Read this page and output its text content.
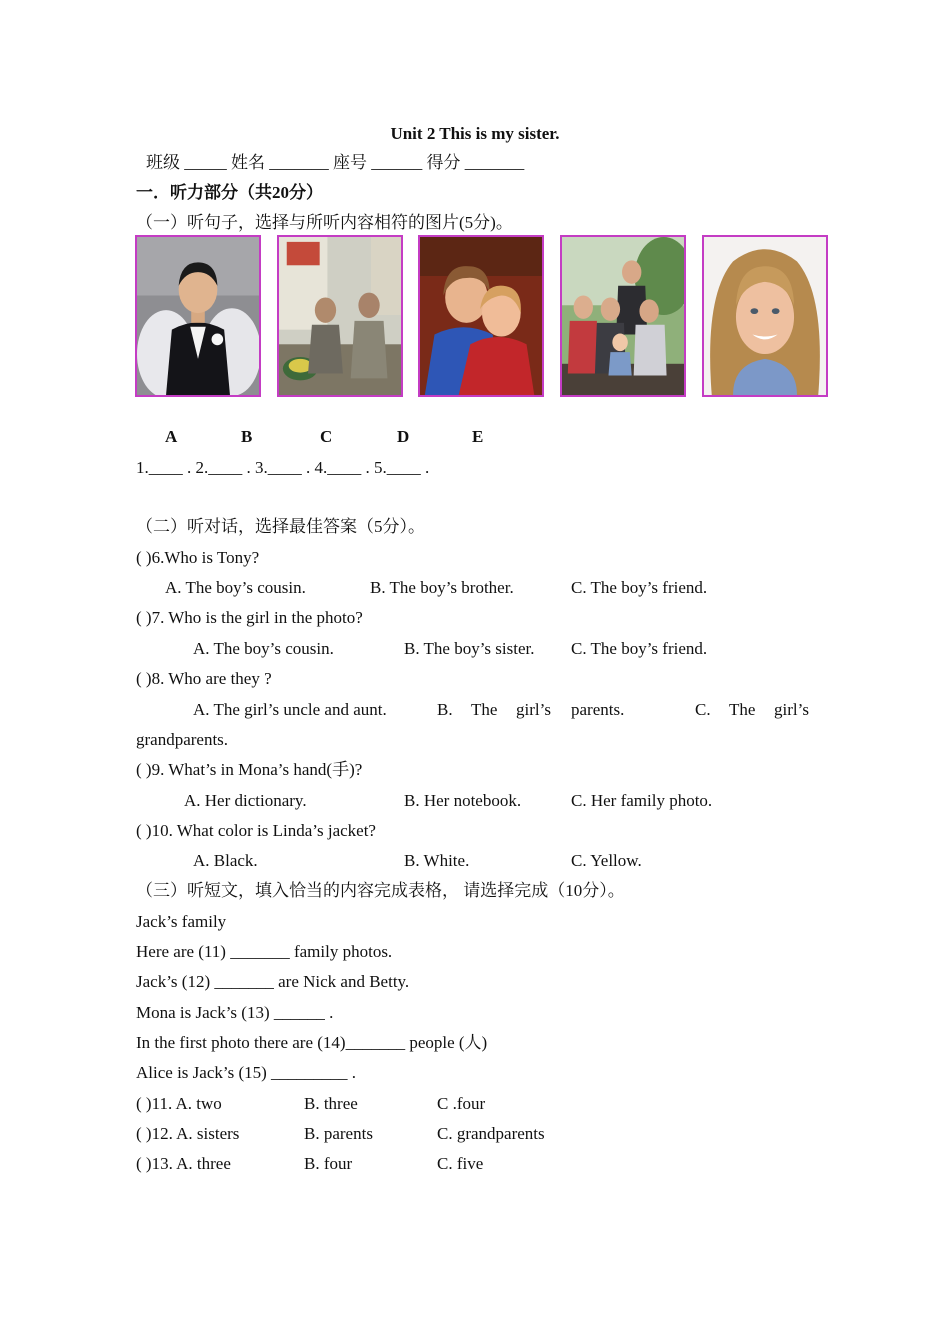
Unit 2 This is my sister.
班级 _____ 姓名 _______ 座号 ______ 得分 _______
一．听力部分（共20分）
（一）听句子，选择与所听内容相符的图片(5分)。
A	B	C	D	E
1.____ . 2.____ . 3.____ . 4.____ . 5.____ .
（二）听对话，选择最佳答案（5分）。
( )6.Who is Tony?
A. The boy’s cousin.	B. The boy’s brother.	C. The boy’s friend.
( )7. Who is the girl in the photo?
A. The boy’s cousin.	B. The boy’s sister. C. The boy’s friend.
( )8. Who are they ?
A. The girl’s uncle and aunt.	B. The girl’s parents.	C. The girl’s
grandparents.
( )9. What’s in Mona’s hand(手)?
A. Her dictionary.	B. Her notebook.	C. Her family photo.
( )10. What color is Linda’s jacket?
A. Black.	B. White.	C. Yellow.
（三）听短文，填入恰当的内容完成表格， 请选择完成（10分）。
Jack’s family
Here are (11) _______ family photos.
Jack’s (12) _______ are Nick and Betty.
Mona is Jack’s (13) ______ .
In the first photo there are (14)_______ people (人)
Alice is Jack’s (15) _________ .
( )11. A. two	B. three	C .four
( )12. A. sisters	B. parents	C. grandparents
( )13. A. three	B. four	C. five
